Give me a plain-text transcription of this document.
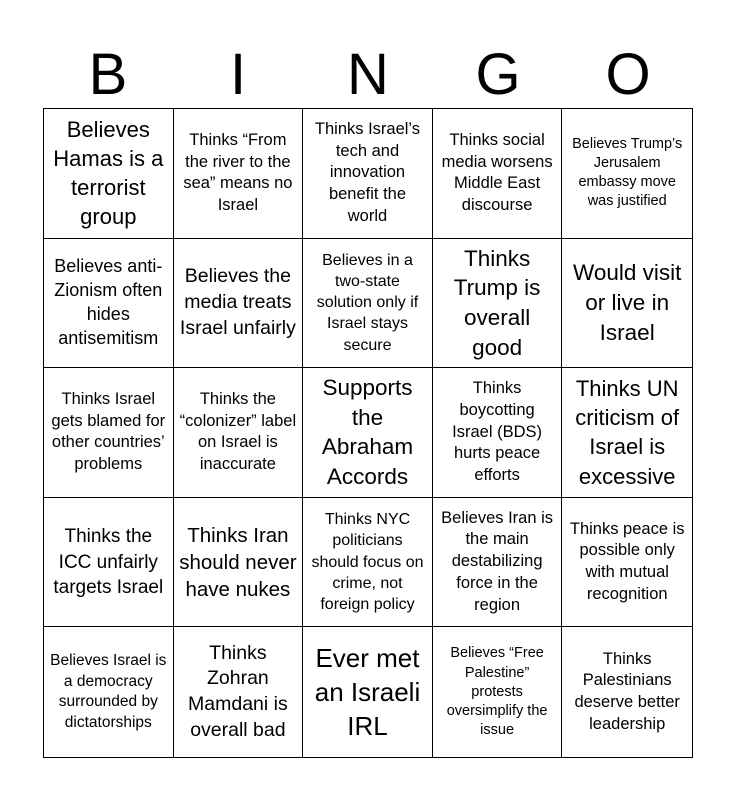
B	I	N	G	O
Believes Hamas is a terrorist group
Thinks “From the river to the sea” means no Israel
Thinks Israel’s tech and innovation benefit the world
Thinks social media worsens Middle East discourse
Believes Trump’s Jerusalem embassy move was justified
Believes anti-Zionism often hides antisemitism
Believes the media treats Israel unfairly
Believes in a two-state solution only if Israel stays secure
Thinks Trump is overall good
Would visit or live in Israel
Thinks Israel gets blamed for other countries’ problems
Thinks the “colonizer” label on Israel is inaccurate
Supports the Abraham Accords
Thinks boycotting Israel (BDS) hurts peace efforts
Thinks UN criticism of Israel is excessive
Thinks the ICC unfairly targets Israel
Thinks Iran should never have nukes
Thinks NYC politicians should focus on crime, not foreign policy
Believes Iran is the main destabilizing force in the region
Thinks peace is possible only with mutual recognition
Believes Israel is a democracy surrounded by dictatorships
Thinks Zohran Mamdani is overall bad
Ever met an Israeli IRL
Believes “Free Palestine” protests oversimplify the issue
Thinks Palestinians deserve better leadership
